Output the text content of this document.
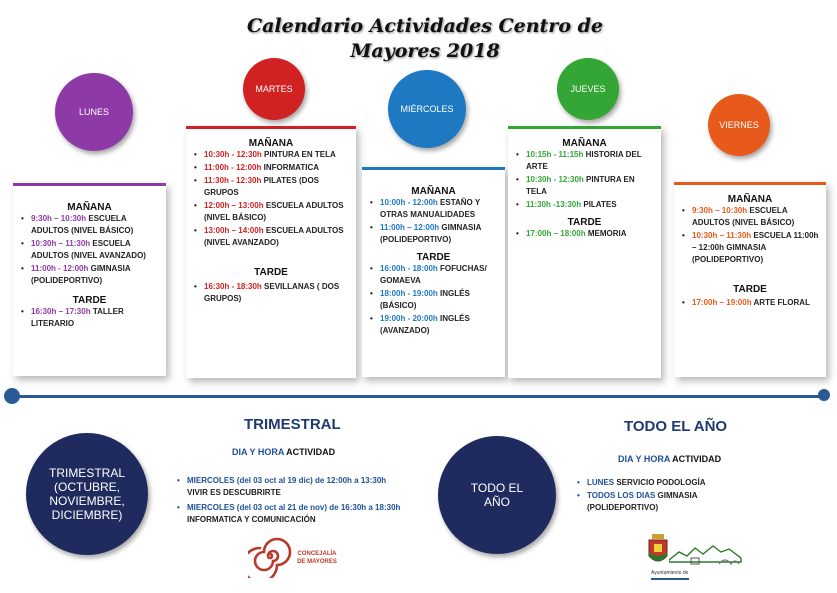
Calendario Actividades Centro de
Mayores 2018
MAÑANA
• 9:30h – 10:30h ESCUELA ADULTOS (NIVEL BÁSICO)
• 10:30h – 11:30h ESCUELA ADULTOS (NIVEL AVANZADO)
• 11:00h - 12:00h GIMNASIA (POLIDEPORTIVO)
TARDE
• 16:30h – 17:30h TALLER LITERARIO
MAÑANA
• 10:30h - 12:30h PINTURA EN TELA
• 11:00h - 12:00h INFORMATICA
• 11:30h - 12:30h PILATES (DOS GRUPOS
• 12:00h – 13:00h ESCUELA ADULTOS (NIVEL BÁSICO)
• 13:00h – 14:00h ESCUELA ADULTOS (NIVEL AVANZADO)
TARDE
• 16:30h - 18:30h SEVILLANAS ( DOS GRUPOS)
MAÑANA
• 10:00h - 12:00h ESTAÑO Y OTRAS MANUALIDADES
• 11:00h – 12:00h GIMNASIA (POLIDEPORTIVO)
TARDE
• 16:00h - 18:00h FOFUCHAS/ GOMAEVA
• 18:00h - 19:00h INGLÉS (BÁSICO)
• 19:00h - 20:00h INGLÉS (AVANZADO)
MAÑANA
• 10:15h - 11:15h HISTORIA DEL ARTE
• 10:30h - 12:30h PINTURA EN TELA
• 11:30h -13:30h PILATES
TARDE
• 17:00h – 18:00h MEMORIA
MAÑANA
• 9:30h – 10:30h ESCUELA ADULTOS (NIVEL BÁSICO)
• 10:30h – 11:30h ESCUELA 11:00h – 12:00h GIMNASIA (POLIDEPORTIVO)
TARDE
• 17:00h – 19:00h ARTE FLORAL
LUNES
MARTES
MIÉRCOLES
JUEVES
VIERNES
TRIMESTRAL (OCTUBRE, NOVIEMBRE, DICIEMBRE)
TRIMESTRAL
DIA Y HORA ACTIVIDAD
• MIERCOLES (del 03 oct al 19 dic) de 12:00h a 13:30h VIVIR ES DESCUBRIRTE
• MIERCOLES (del 03 oct al 21 de nov) de 16:30h a 18:30h INFORMATICA Y COMUNICACIÓN
TODO EL AÑO
TODO EL AÑO
DIA Y HORA ACTIVIDAD
• LUNES SERVICIO PODOLOGÍA
• TODOS LOS DIAS GIMNASIA (POLIDEPORTIVO)
CONCEJALÍA DE MAYORES
Ayuntamiento de
